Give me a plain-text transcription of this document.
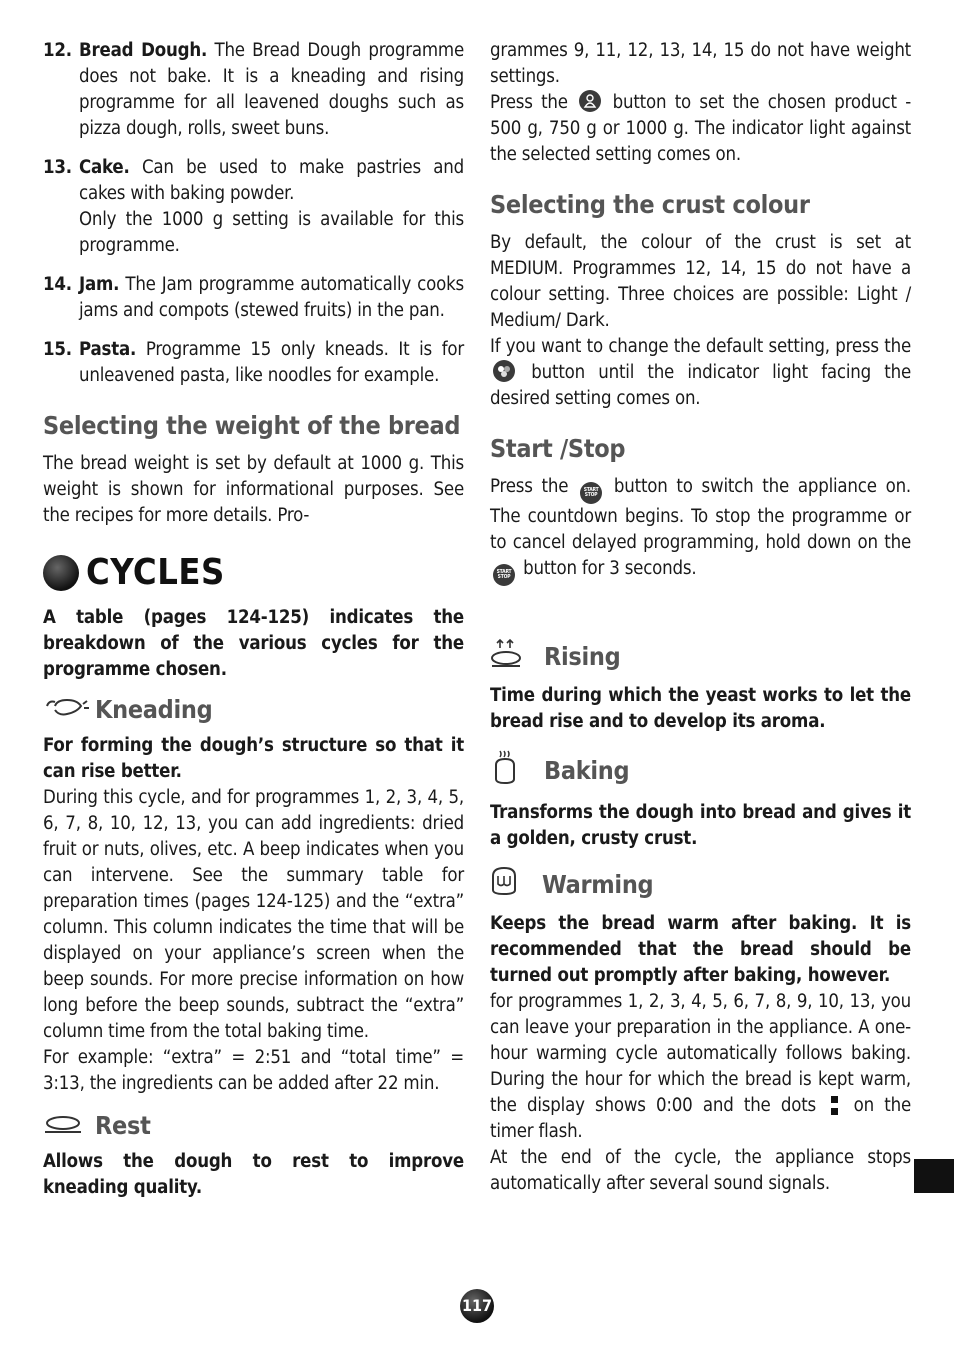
12. Bread Dough. The Bread Dough programme does not bake. It is a kneading and rising programme for all leavened doughs such as pizza dough, rolls, sweet buns.
13. Cake. Can be used to make pastries and cakes with baking powder.
Only the 1000 g setting is available for this programme.
14. Jam. The Jam programme automatically cooks jams and compots (stewed fruits) in the pan.
15. Pasta. Programme 15 only kneads. It is for unleavened pasta, like noodles for example.
Selecting the weight of the bread

The bread weight is set by default at 1000 g. This weight is shown for informational purposes. See the recipes for more details. Pro-

CYCLES

A table (pages 124-125) indicates the breakdown of the various cycles for the programme chosen.

Kneading

For forming the dough’s structure so that it can rise better.

During this cycle, and for programmes 1, 2, 3, 4, 5, 6, 7, 8, 10, 12, 13, you can add ingredients: dried fruit or nuts, olives, etc. A beep indicates when you can intervene. See the summary table for preparation times (pages 124-125) and the “extra” column. This column indicates the time that will be displayed on your appliance’s screen when the beep sounds. For more precise information on how long before the beep sounds, subtract the “extra” column time from the total baking time.

For example: “extra” = 2:51 and “total time” = 3:13, the ingredients can be added after 22 min.

Rest

Allows the dough to rest to improve kneading quality.

grammes 9, 11, 12, 13, 14, 15 do not have weight settings.

Press the button to set the chosen product - 500 g, 750 g or 1000 g. The indicator light against the selected setting comes on.

Selecting the crust colour

By default, the colour of the crust is set at MEDIUM. Programmes 12, 14, 15 do not have a colour setting. Three choices are possible: Light / Medium/ Dark.

If you want to change the default setting, press the  button until the indicator light facing the desired setting comes on.

Start /Stop

Press the	START
STOP button to switch the appliance on. The countdown begins. To stop the programme or to cancel delayed programming, hold down on the
START
STOP button for 3 seconds.

Rising

Time during which the yeast works to let the bread rise and to develop its aroma.

Baking

Transforms the dough into bread and gives it a golden, crusty crust.

Warming

Keeps the bread warm after baking. It is recommended that the bread should be turned out promptly after baking, however.

for programmes 1, 2, 3, 4, 5, 6, 7, 8, 9, 10, 13, you can leave your preparation in the appliance. A one-hour warming cycle automatically follows baking. During the hour for which the bread is kept warm, the display shows 0:00 and the dots on the timer flash.

At the end of the cycle, the appliance stops automatically after several sound signals.

117
